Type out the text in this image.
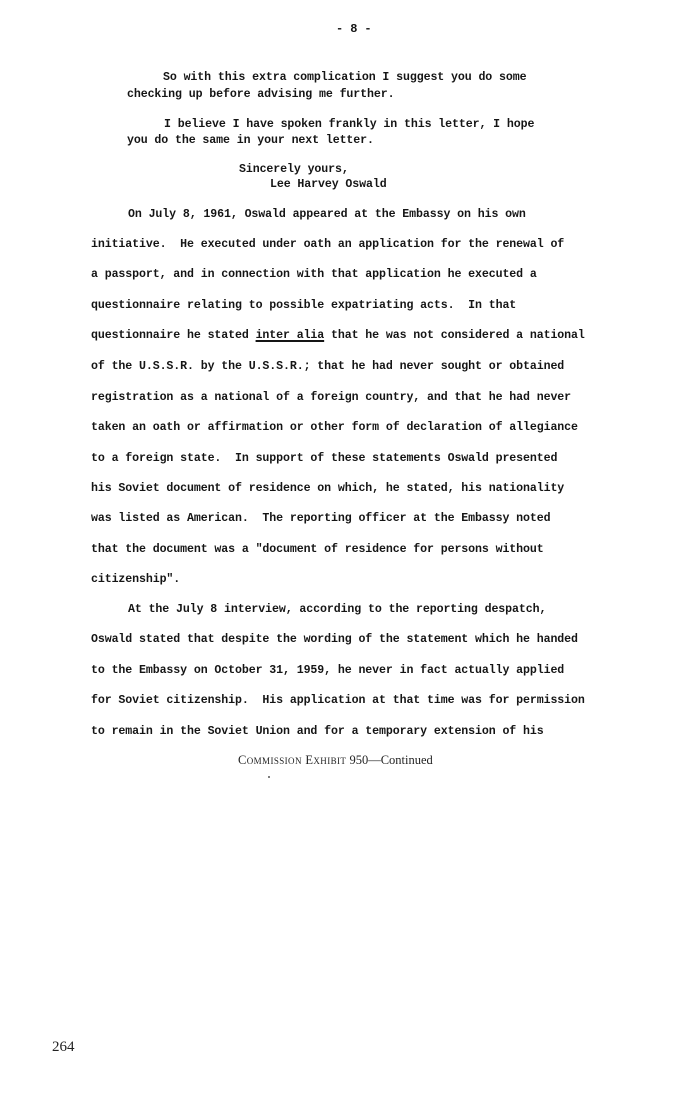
- 8 -
So with this extra complication I suggest you do some
checking up before advising me further.
I believe I have spoken frankly in this letter, I hope
you do the same in your next letter.
Sincerely yours,
Lee Harvey Oswald
On July 8, 1961, Oswald appeared at the Embassy on his own
initiative.  He executed under oath an application for the renewal of
a passport, and in connection with that application he executed a
questionnaire relating to possible expatriating acts.  In that
questionnaire he stated inter alia that he was not considered a national
of the U.S.S.R. by the U.S.S.R.; that he had never sought or obtained
registration as a national of a foreign country, and that he had never
taken an oath or affirmation or other form of declaration of allegiance
to a foreign state.  In support of these statements Oswald presented
his Soviet document of residence on which, he stated, his nationality
was listed as American.  The reporting officer at the Embassy noted
that the document was a "document of residence for persons without
citizenship".
At the July 8 interview, according to the reporting despatch,
Oswald stated that despite the wording of the statement which he handed
to the Embassy on October 31, 1959, he never in fact actually applied
for Soviet citizenship.  His application at that time was for permission
to remain in the Soviet Union and for a temporary extension of his
Commission Exhibit 950—Continued
264
